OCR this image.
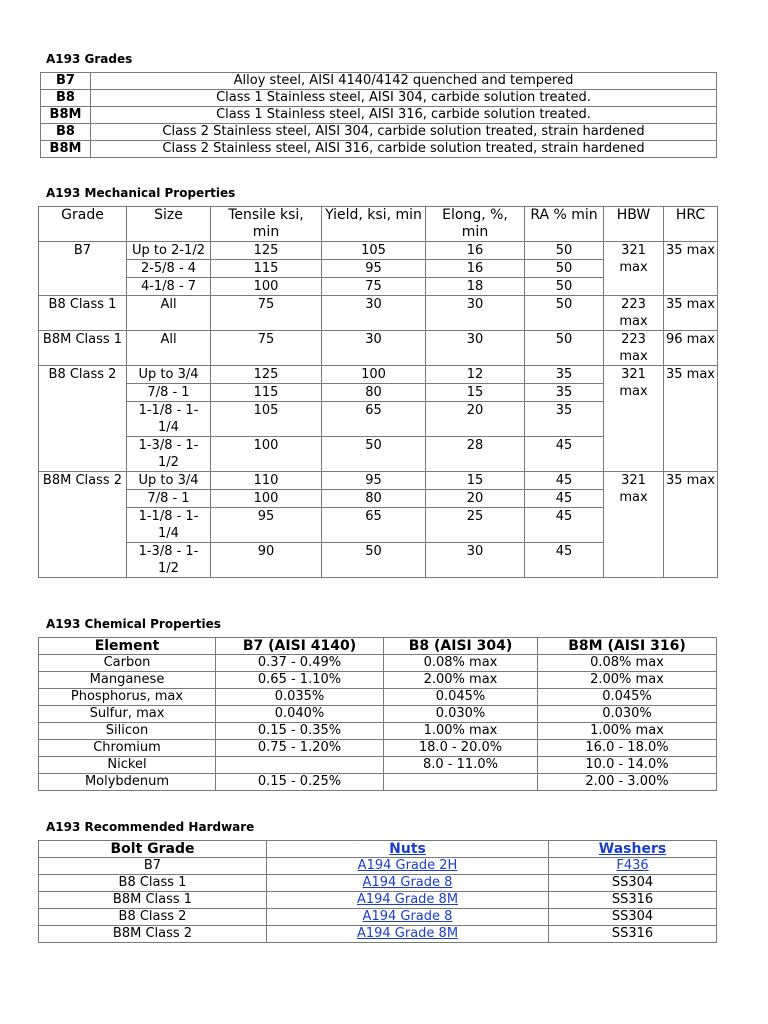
A193 Grades
B7	Alloy steel, AISI 4140/4142 quenched and tempered
B8	Class 1 Stainless steel, AISI 304, carbide solution treated.
B8M	Class 1 Stainless steel, AISI 316, carbide solution treated.
B8	Class 2 Stainless steel, AISI 304, carbide solution treated, strain hardened
B8M	Class 2 Stainless steel, AISI 316, carbide solution treated, strain hardened
A193 Mechanical Properties
Grade	Size	Tensile ksi, min	Yield, ksi, min	Elong, %, min	RA % min	HBW	HRC
B7	Up to 2-1/2	125	105	16	50	321 max	35 max
	2-5/8 - 4	115	95	16	50		
	4-1/8 - 7	100	75	18	50		
B8 Class 1	All	75	30	30	50	223 max	35 max
B8M Class 1	All	75	30	30	50	223 max	96 max
B8 Class 2	Up to 3/4	125	100	12	35	321 max	35 max
	7/8 - 1	115	80	15	35		
	1-1/8 - 1-1/4	105	65	20	35		
	1-3/8 - 1-1/2	100	50	28	45		
B8M Class 2	Up to 3/4	110	95	15	45	321 max	35 max
	7/8 - 1	100	80	20	45		
	1-1/8 - 1-1/4	95	65	25	45		
	1-3/8 - 1-1/2	90	50	30	45		
A193 Chemical Properties
Element	B7 (AISI 4140)	B8 (AISI 304)	B8M (AISI 316)
Carbon	0.37 - 0.49%	0.08% max	0.08% max
Manganese	0.65 - 1.10%	2.00% max	2.00% max
Phosphorus, max	0.035%	0.045%	0.045%
Sulfur, max	0.040%	0.030%	0.030%
Silicon	0.15 - 0.35%	1.00% max	1.00% max
Chromium	0.75 - 1.20%	18.0 - 20.0%	16.0 - 18.0%
Nickel		8.0 - 11.0%	10.0 - 14.0%
Molybdenum	0.15 - 0.25%		2.00 - 3.00%
A193 Recommended Hardware
Bolt Grade	Nuts	Washers
B7	A194 Grade 2H	F436
B8 Class 1	A194 Grade 8	SS304
B8M Class 1	A194 Grade 8M	SS316
B8 Class 2	A194 Grade 8	SS304
B8M Class 2	A194 Grade 8M	SS316
